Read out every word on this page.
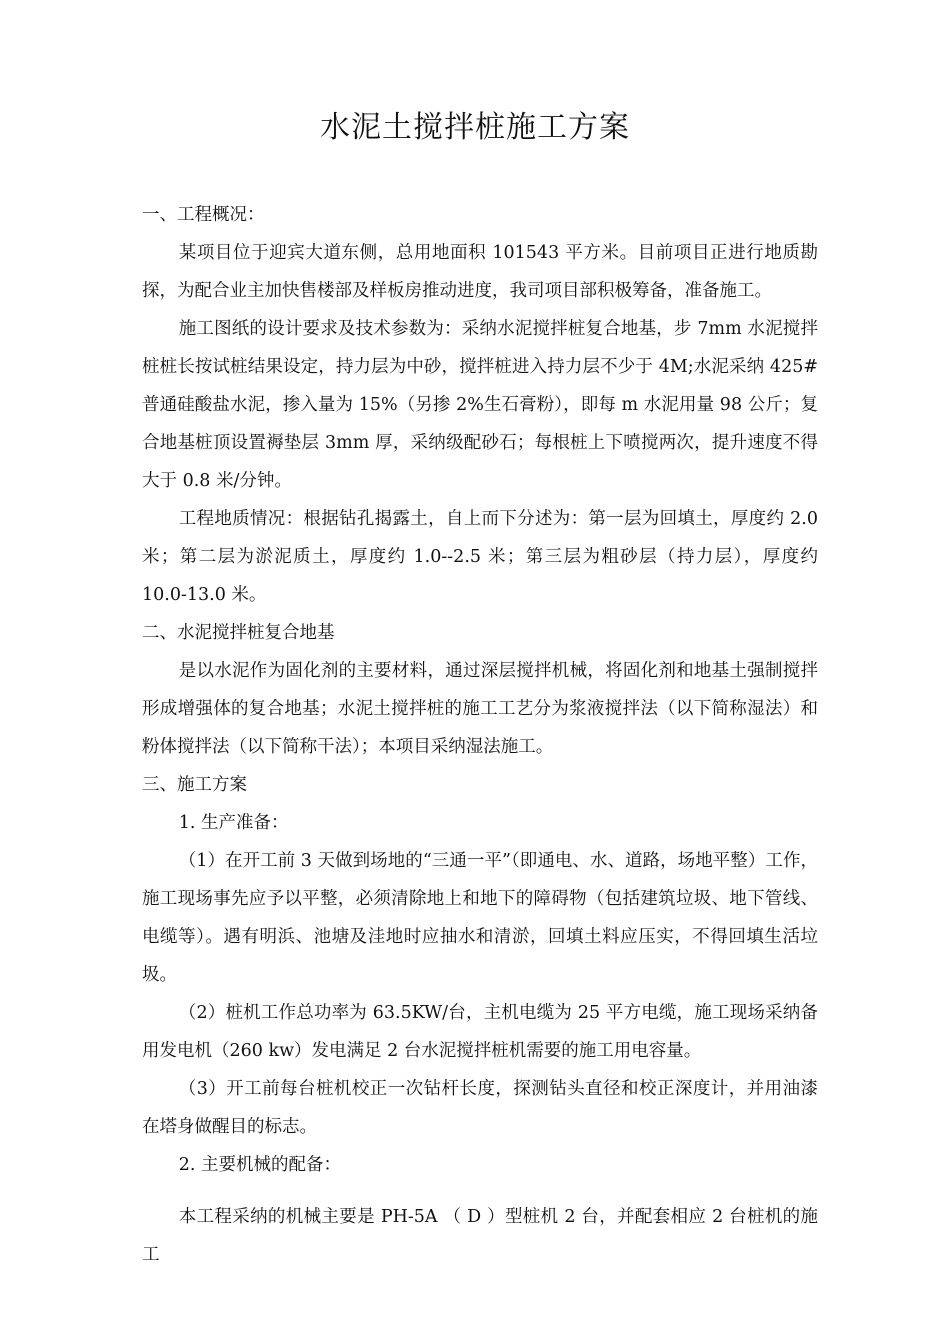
水泥土搅拌桩施工方案

一、工程概况：

某项目位于迎宾大道东侧，总用地面积 101543 平方米。目前项目正进行地质勘探，为配合业主加快售楼部及样板房推动进度，我司项目部积极筹备，准备施工。

施工图纸的设计要求及技术参数为：采纳水泥搅拌桩复合地基，步 7mm 水泥搅拌桩桩长按试桩结果设定，持力层为中砂，搅拌桩进入持力层不少于 4M;水泥采纳 425#普通硅酸盐水泥，掺入量为 15%（另掺 2%生石膏粉），即每 m 水泥用量 98 公斤；复合地基桩顶设置褥垫层 3mm 厚，采纳级配砂石；每根桩上下喷搅两次，提升速度不得大于 0.8 米/分钟。

工程地质情况：根据钻孔揭露土，自上而下分述为：第一层为回填土，厚度约 2.0 米；第二层为淤泥质土，厚度约 1.0--2.5 米；第三层为粗砂层（持力层），厚度约 10.0-13.0 米。

二、水泥搅拌桩复合地基

是以水泥作为固化剂的主要材料，通过深层搅拌机械，将固化剂和地基土强制搅拌形成增强体的复合地基；水泥土搅拌桩的施工工艺分为浆液搅拌法（以下简称湿法）和粉体搅拌法（以下简称干法）；本项目采纳湿法施工。

三、施工方案

1. 生产准备：

（1）在开工前 3 天做到场地的“三通一平”（即通电、水、道路，场地平整）工作，施工现场事先应予以平整，必须清除地上和地下的障碍物（包括建筑垃圾、地下管线、电缆等）。遇有明浜、池塘及洼地时应抽水和清淤，回填土料应压实，不得回填生活垃圾。

（2）桩机工作总功率为 63.5KW/台，主机电缆为 25 平方电缆，施工现场采纳备用发电机（260 kw）发电满足 2 台水泥搅拌桩机需要的施工用电容量。

（3）开工前每台桩机校正一次钻杆长度，探测钻头直径和校正深度计，并用油漆在塔身做醒目的标志。

2. 主要机械的配备：

本工程采纳的机械主要是 PH-5A （ D ）型桩机 2 台，并配套相应 2 台桩机的施工
